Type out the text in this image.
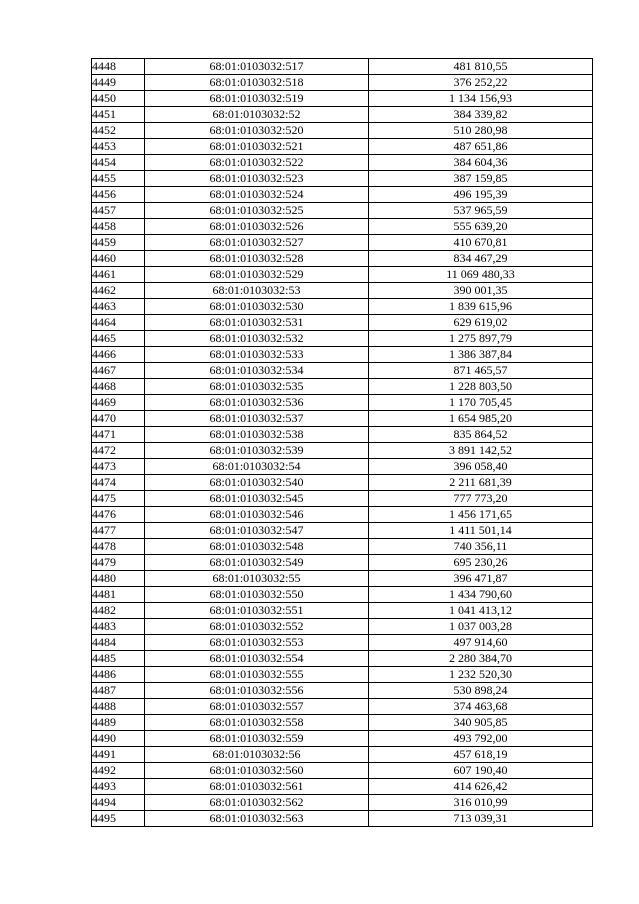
4448	68:01:0103032:517	481 810,55
4449	68:01:0103032:518	376 252,22
4450	68:01:0103032:519	1 134 156,93
4451	68:01:0103032:52	384 339,82
4452	68:01:0103032:520	510 280,98
4453	68:01:0103032:521	487 651,86
4454	68:01:0103032:522	384 604,36
4455	68:01:0103032:523	387 159,85
4456	68:01:0103032:524	496 195,39
4457	68:01:0103032:525	537 965,59
4458	68:01:0103032:526	555 639,20
4459	68:01:0103032:527	410 670,81
4460	68:01:0103032:528	834 467,29
4461	68:01:0103032:529	11 069 480,33
4462	68:01:0103032:53	390 001,35
4463	68:01:0103032:530	1 839 615,96
4464	68:01:0103032:531	629 619,02
4465	68:01:0103032:532	1 275 897,79
4466	68:01:0103032:533	1 386 387,84
4467	68:01:0103032:534	871 465,57
4468	68:01:0103032:535	1 228 803,50
4469	68:01:0103032:536	1 170 705,45
4470	68:01:0103032:537	1 654 985,20
4471	68:01:0103032:538	835 864,52
4472	68:01:0103032:539	3 891 142,52
4473	68:01:0103032:54	396 058,40
4474	68:01:0103032:540	2 211 681,39
4475	68:01:0103032:545	777 773,20
4476	68:01:0103032:546	1 456 171,65
4477	68:01:0103032:547	1 411 501,14
4478	68:01:0103032:548	740 356,11
4479	68:01:0103032:549	695 230,26
4480	68:01:0103032:55	396 471,87
4481	68:01:0103032:550	1 434 790,60
4482	68:01:0103032:551	1 041 413,12
4483	68:01:0103032:552	1 037 003,28
4484	68:01:0103032:553	497 914,60
4485	68:01:0103032:554	2 280 384,70
4486	68:01:0103032:555	1 232 520,30
4487	68:01:0103032:556	530 898,24
4488	68:01:0103032:557	374 463,68
4489	68:01:0103032:558	340 905,85
4490	68:01:0103032:559	493 792,00
4491	68:01:0103032:56	457 618,19
4492	68:01:0103032:560	607 190,40
4493	68:01:0103032:561	414 626,42
4494	68:01:0103032:562	316 010,99
4495	68:01:0103032:563	713 039,31
